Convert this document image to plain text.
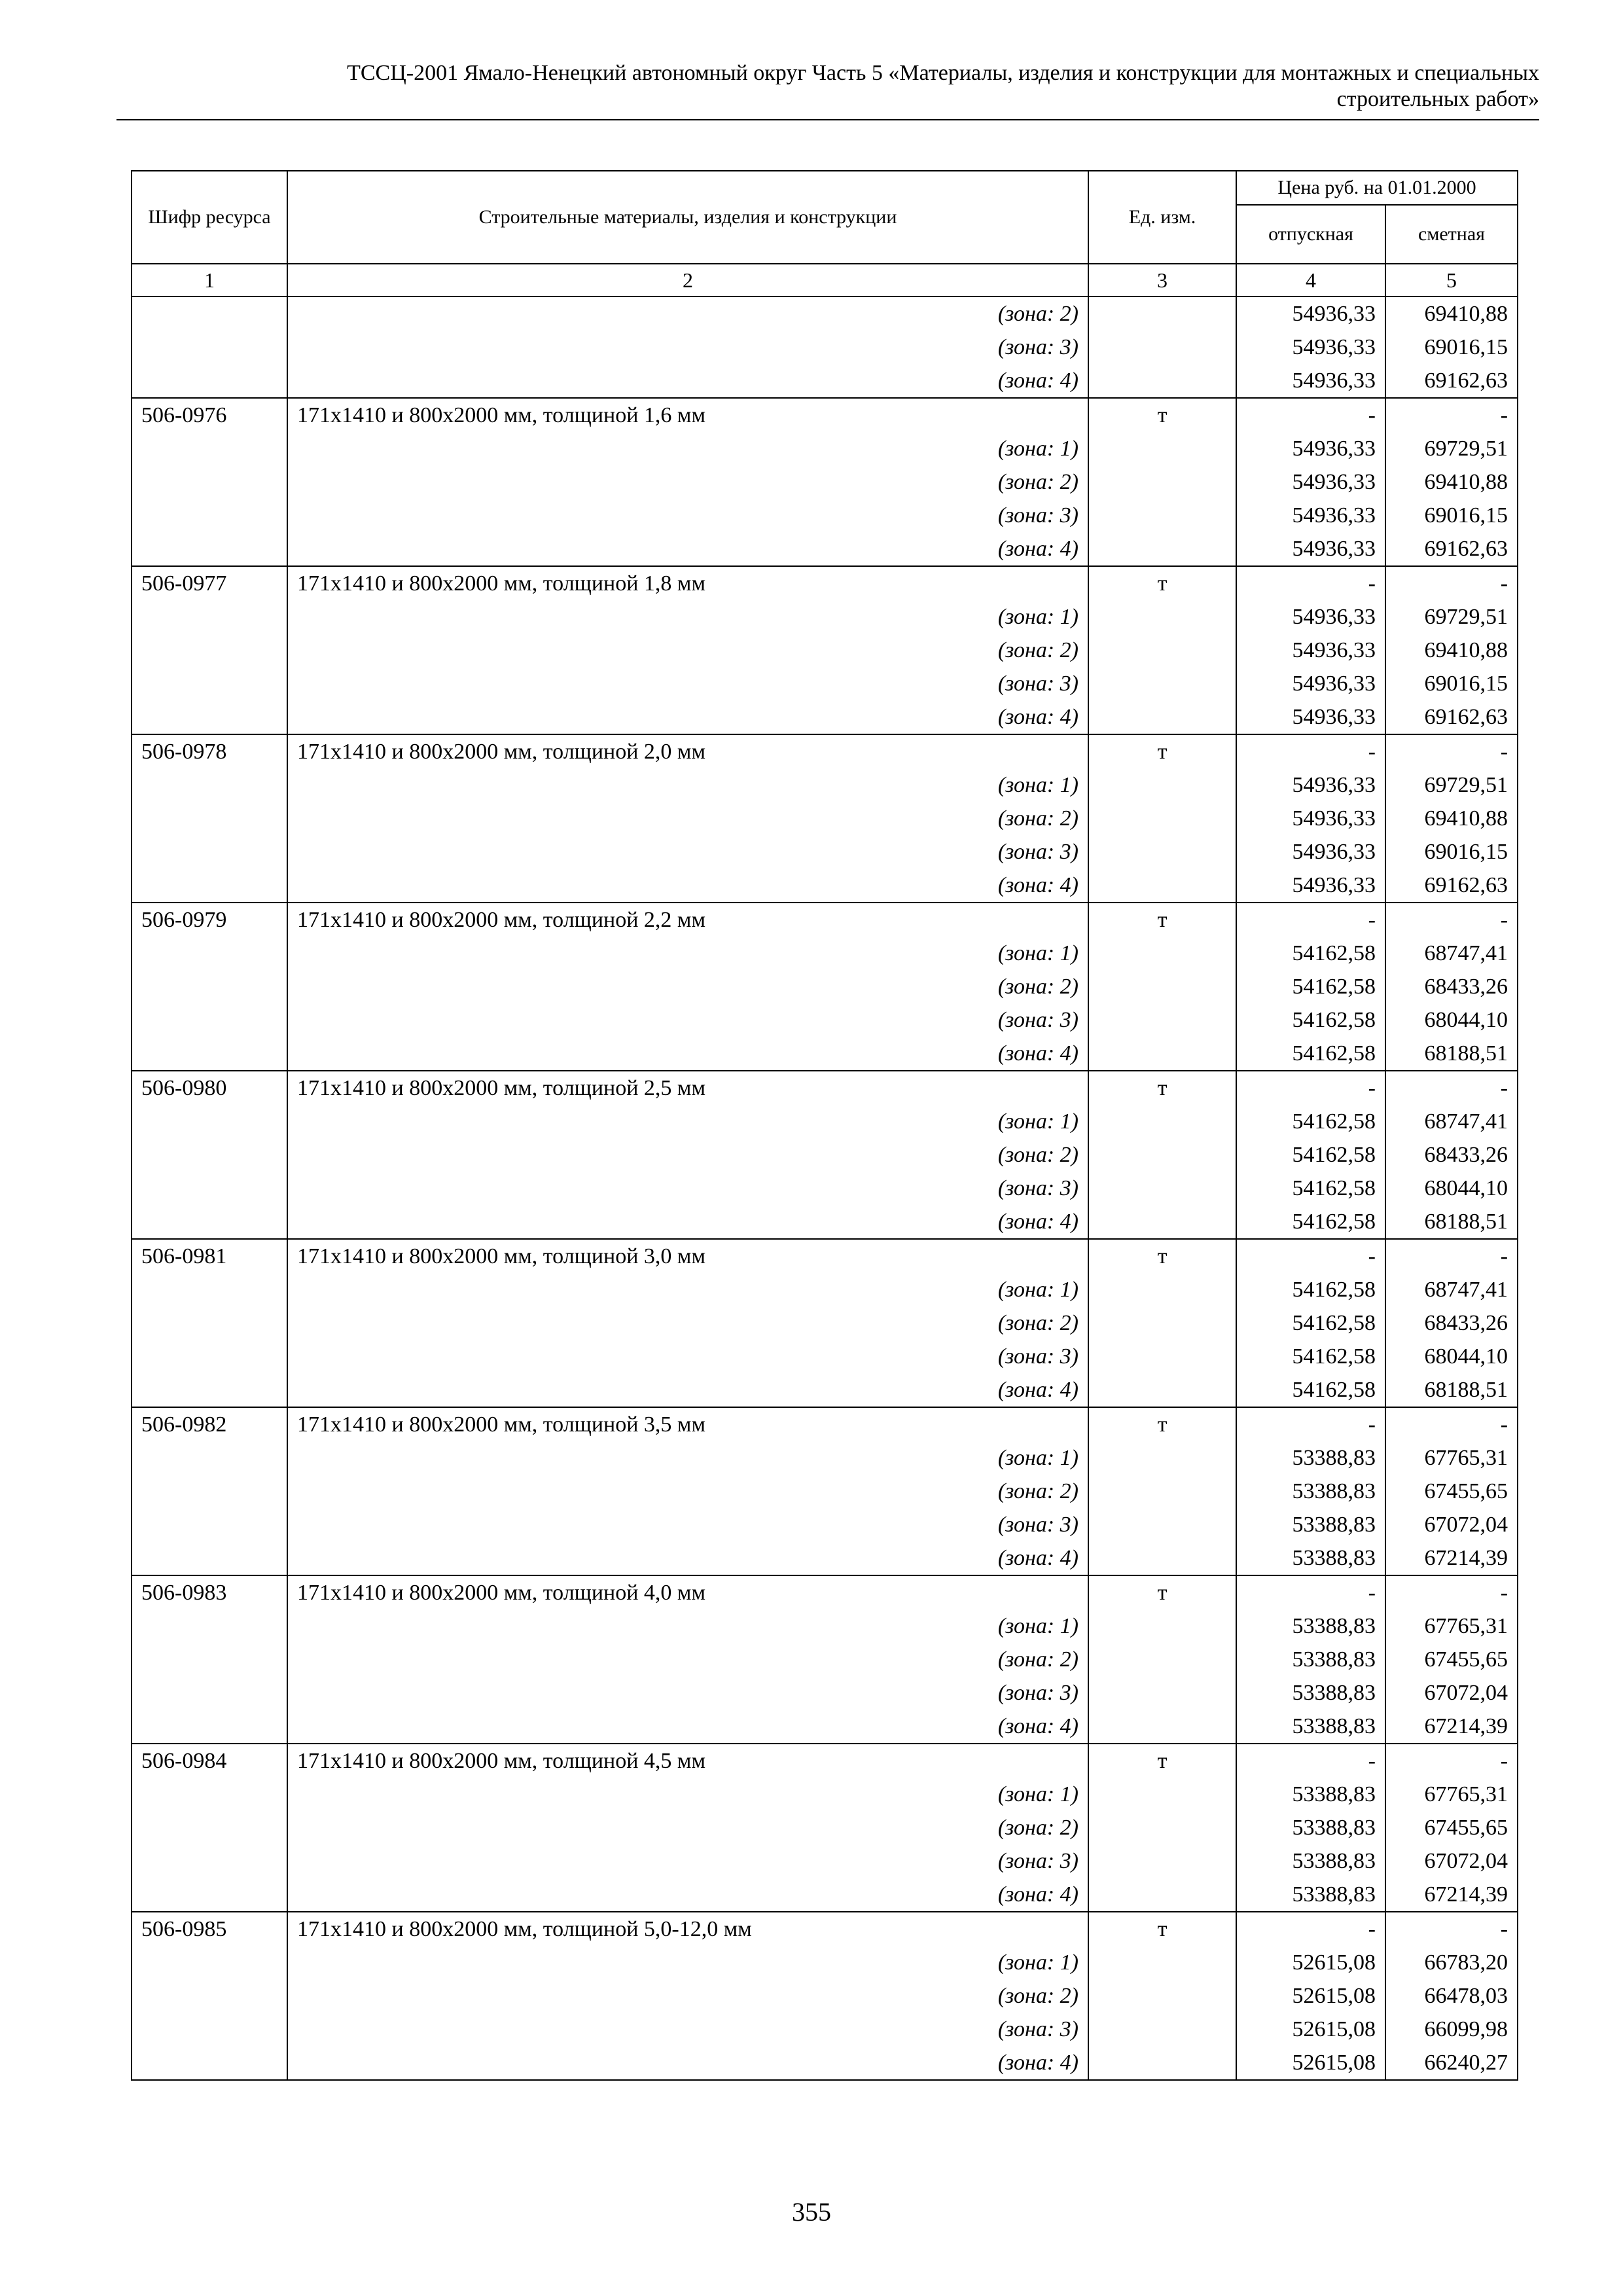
ТССЦ-2001 Ямало-Ненецкий автономный округ Часть 5 «Материалы, изделия и конструкции для монтажных и специальных
строительных работ»
Шифр ресурса	Строительные материалы, изделия и конструкции	Ед. изм.	Цена руб. на 01.01.2000	
			отпускная	сметная
1	2	3	4	5
	(зона: 2)		54936,33	69410,88
	(зона: 3)		54936,33	69016,15
	(зона: 4)		54936,33	69162,63
506-0976	171x1410 и 800x2000 мм, толщиной 1,6 мм	т	-	-
	(зона: 1)		54936,33	69729,51
	(зона: 2)		54936,33	69410,88
	(зона: 3)		54936,33	69016,15
	(зона: 4)		54936,33	69162,63
506-0977	171x1410 и 800x2000 мм, толщиной 1,8 мм	т	-	-
	(зона: 1)		54936,33	69729,51
	(зона: 2)		54936,33	69410,88
	(зона: 3)		54936,33	69016,15
	(зона: 4)		54936,33	69162,63
506-0978	171x1410 и 800x2000 мм, толщиной 2,0 мм	т	-	-
	(зона: 1)		54936,33	69729,51
	(зона: 2)		54936,33	69410,88
	(зона: 3)		54936,33	69016,15
	(зона: 4)		54936,33	69162,63
506-0979	171x1410 и 800x2000 мм, толщиной 2,2 мм	т	-	-
	(зона: 1)		54162,58	68747,41
	(зона: 2)		54162,58	68433,26
	(зона: 3)		54162,58	68044,10
	(зона: 4)		54162,58	68188,51
506-0980	171x1410 и 800x2000 мм, толщиной 2,5 мм	т	-	-
	(зона: 1)		54162,58	68747,41
	(зона: 2)		54162,58	68433,26
	(зона: 3)		54162,58	68044,10
	(зона: 4)		54162,58	68188,51
506-0981	171x1410 и 800x2000 мм, толщиной 3,0 мм	т	-	-
	(зона: 1)		54162,58	68747,41
	(зона: 2)		54162,58	68433,26
	(зона: 3)		54162,58	68044,10
	(зона: 4)		54162,58	68188,51
506-0982	171x1410 и 800x2000 мм, толщиной 3,5 мм	т	-	-
	(зона: 1)		53388,83	67765,31
	(зона: 2)		53388,83	67455,65
	(зона: 3)		53388,83	67072,04
	(зона: 4)		53388,83	67214,39
506-0983	171x1410 и 800x2000 мм, толщиной 4,0 мм	т	-	-
	(зона: 1)		53388,83	67765,31
	(зона: 2)		53388,83	67455,65
	(зона: 3)		53388,83	67072,04
	(зона: 4)		53388,83	67214,39
506-0984	171x1410 и 800x2000 мм, толщиной 4,5 мм	т	-	-
	(зона: 1)		53388,83	67765,31
	(зона: 2)		53388,83	67455,65
	(зона: 3)		53388,83	67072,04
	(зона: 4)		53388,83	67214,39
506-0985	171x1410 и 800x2000 мм, толщиной 5,0-12,0 мм	т	-	-
	(зона: 1)		52615,08	66783,20
	(зона: 2)		52615,08	66478,03
	(зона: 3)		52615,08	66099,98
	(зона: 4)		52615,08	66240,27
355
